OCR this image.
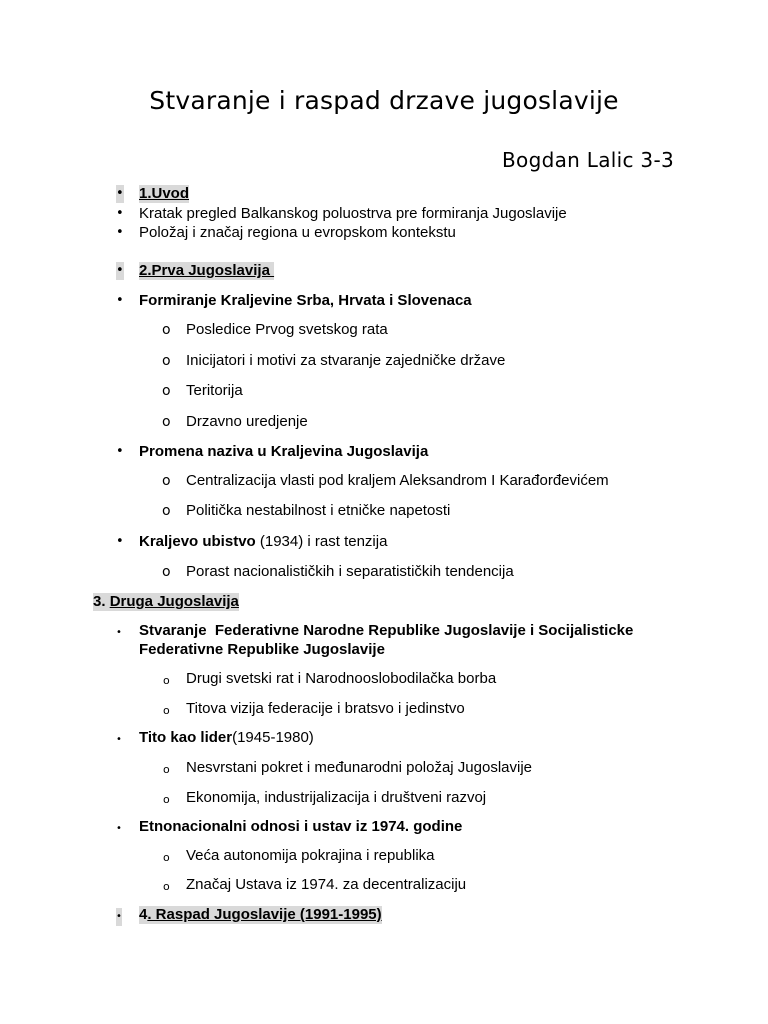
Stvaranje i raspad drzave jugoslavije
Bogdan Lalic 3-3
• 1.Uvod
• Kratak pregled Balkanskog poluostrva pre formiranja Jugoslavije
• Položaj i značaj regiona u evropskom kontekstu
• 2.Prva Jugoslavija
• Formiranje Kraljevine Srba, Hrvata i Slovenaca
o Posledice Prvog svetskog rata
o Inicijatori i motivi za stvaranje zajedničke države
o Teritorija
o Drzavno uredjenje
• Promena naziva u Kraljevina Jugoslavija
o Centralizacija vlasti pod kraljem Aleksandrom I Karađorđevićem
o Politička nestabilnost i etničke napetosti
• Kraljevo ubistvo (1934) i rast tenzija
o Porast nacionalističkih i separatističkih tendencija
3. Druga Jugoslavija
• Stvaranje  Federativne Narodne Republike Jugoslavije i Socijalisticke
Federativne Republike Jugoslavije
o Drugi svetski rat i Narodnooslobodilačka borba
o Titova vizija federacije i bratsvo i jedinstvo
• Tito kao lider(1945-1980)
o Nesvrstani pokret i međunarodni položaj Jugoslavije
o Ekonomija, industrijalizacija i društveni razvoj
• Etnonacionalni odnosi i ustav iz 1974. godine
o Veća autonomija pokrajina i republika
o Značaj Ustava iz 1974. za decentralizaciju
• 4. Raspad Jugoslavije (1991-1995)
